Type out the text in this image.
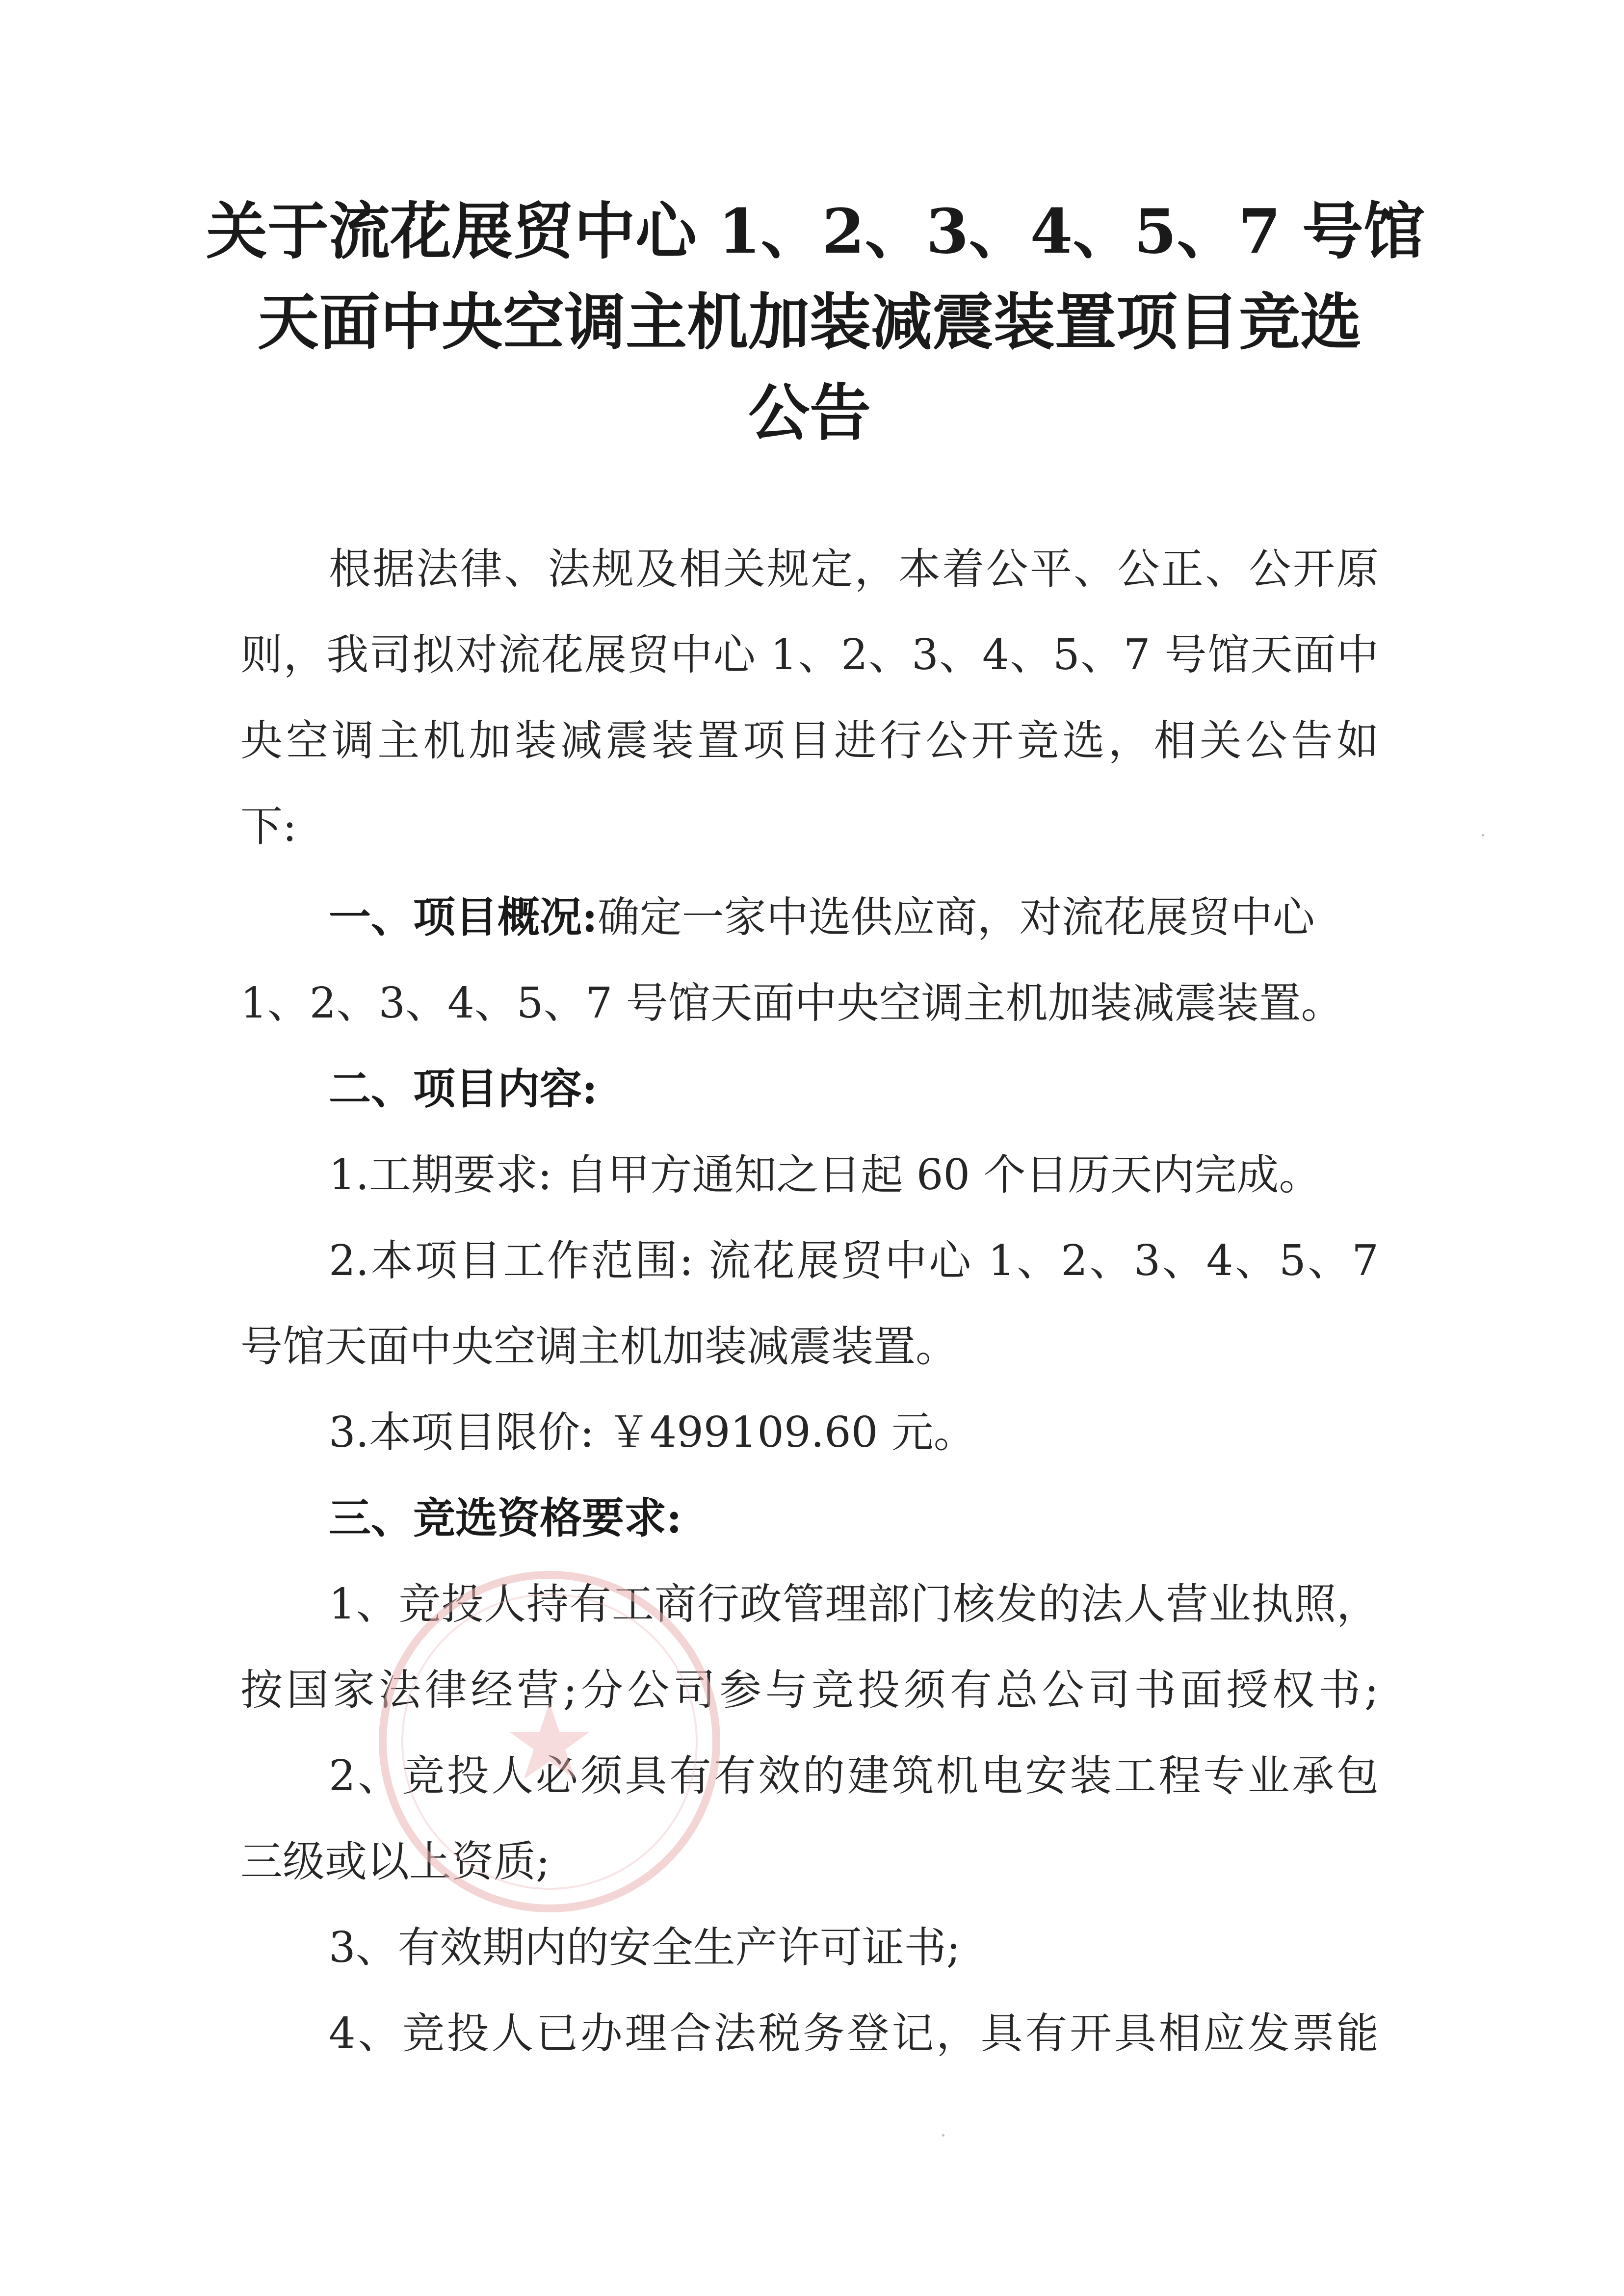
关于流花展贸中心 1、2、3、4、5、7 号馆
天面中央空调主机加装减震装置项目竞选
公告
根据法律、法规及相关规定，本着公平、公正、公开原
则，我司拟对流花展贸中心 1、2、3、4、5、7 号馆天面中
央空调主机加装减震装置项目进行公开竞选，相关公告如
下:
一、项目概况:确定一家中选供应商，对流花展贸中心
1、2、3、4、5、7 号馆天面中央空调主机加装减震装置。
二、项目内容:
1.工期要求: 自甲方通知之日起 60 个日历天内完成。
2.本项目工作范围: 流花展贸中心 1、2、3、4、5、7
号馆天面中央空调主机加装减震装置。
3.本项目限价: ￥499109.60 元。
三、竞选资格要求:
1、竞投人持有工商行政管理部门核发的法人营业执照，
按国家法律经营;分公司参与竞投须有总公司书面授权书;
2、竞投人必须具有有效的建筑机电安装工程专业承包
三级或以上资质;
3、有效期内的安全生产许可证书;
4、竞投人已办理合法税务登记，具有开具相应发票能
